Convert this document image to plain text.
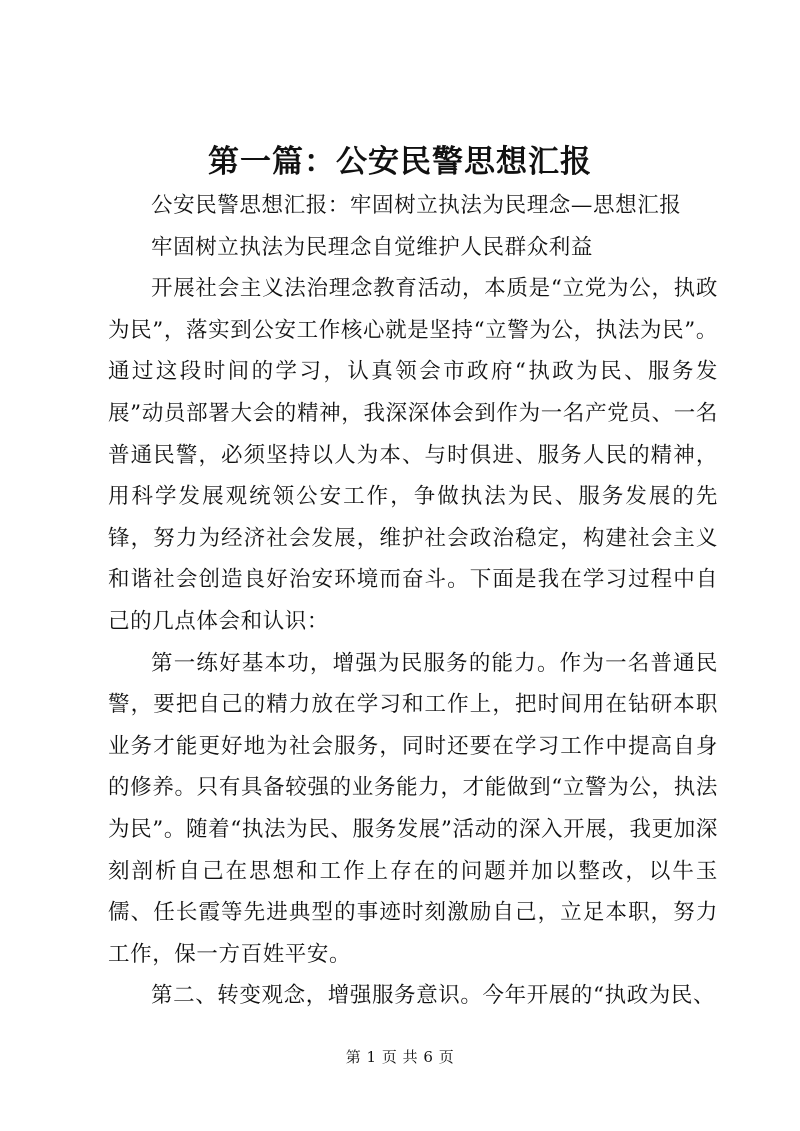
第一篇：公安民警思想汇报

公安民警思想汇报：牢固树立执法为民理念—思想汇报

牢固树立执法为民理念自觉维护人民群众利益

开展社会主义法治理念教育活动，本质是“立党为公，执政为民”，落实到公安工作核心就是坚持“立警为公，执法为民”。通过这段时间的学习，认真领会市政府“执政为民、服务发展”动员部署大会的精神，我深深体会到作为一名产党员、一名普通民警，必须坚持以人为本、与时俱进、服务人民的精神，用科学发展观统领公安工作，争做执法为民、服务发展的先锋，努力为经济社会发展，维护社会政治稳定，构建社会主义和谐社会创造良好治安环境而奋斗。下面是我在学习过程中自己的几点体会和认识：

第一练好基本功，增强为民服务的能力。作为一名普通民警，要把自己的精力放在学习和工作上，把时间用在钻研本职业务才能更好地为社会服务，同时还要在学习工作中提高自身的修养。只有具备较强的业务能力，才能做到“立警为公，执法为民”。随着“执法为民、服务发展”活动的深入开展，我更加深刻剖析自己在思想和工作上存在的问题并加以整改，以牛玉儒、任长霞等先进典型的事迹时刻激励自己，立足本职，努力工作，保一方百姓平安。

第二、转变观念，增强服务意识。今年开展的“执政为民、

第 1 页 共 6 页
